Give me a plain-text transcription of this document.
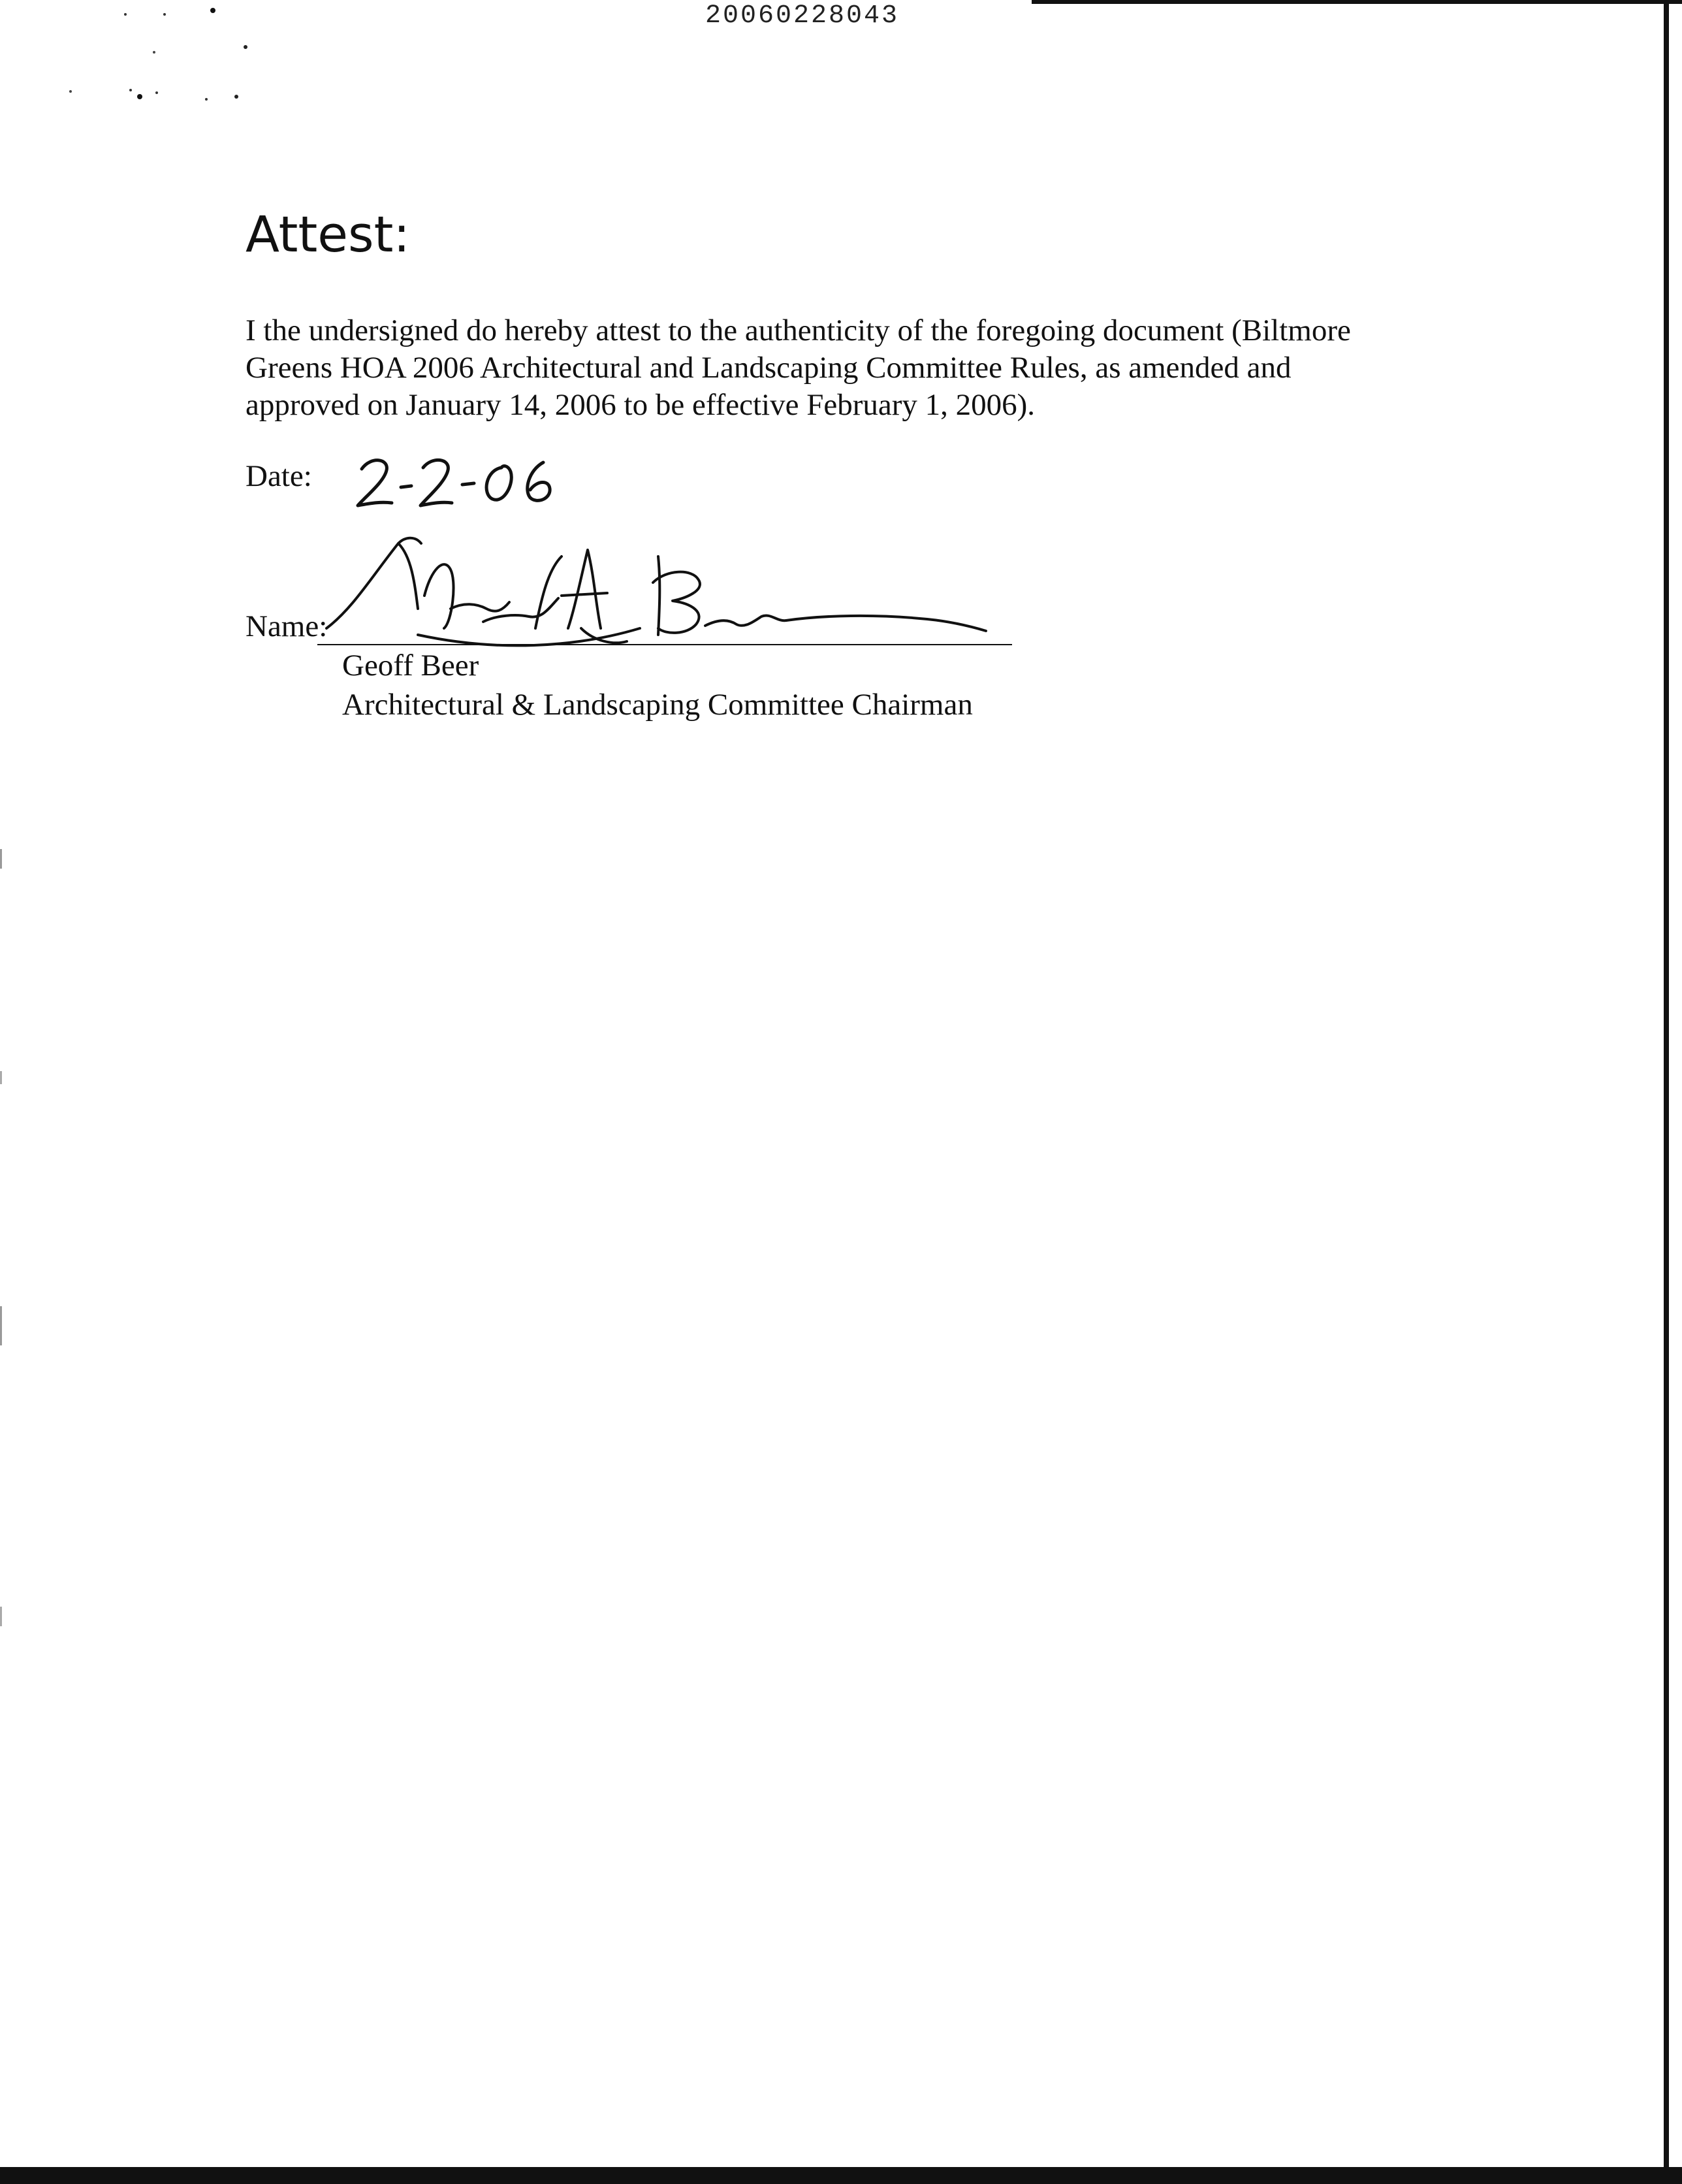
20060228043
Attest:

I the undersigned do hereby attest to the authenticity of the foregoing document (Biltmore Greens HOA 2006 Architectural and Landscaping Committee Rules, as amended and approved on January 14, 2006 to be effective February 1, 2006).

Date:
Name:
Geoff Beer
Architectural & Landscaping Committee Chairman
